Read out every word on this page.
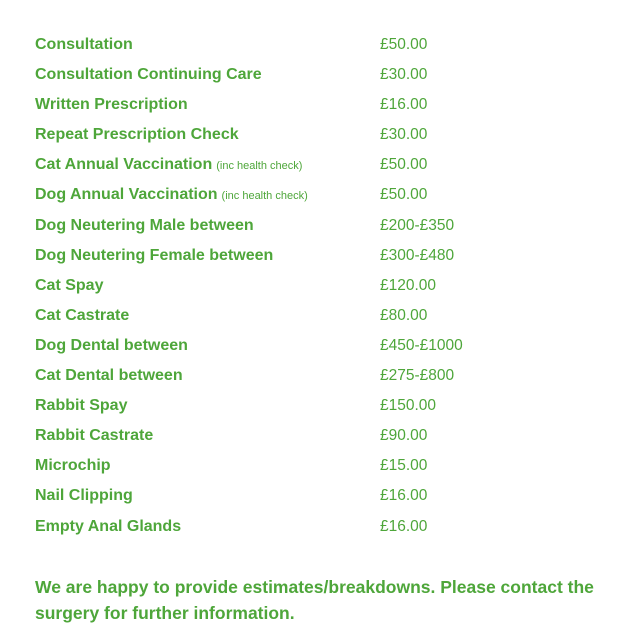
Consultation	£50.00
Consultation Continuing Care	£30.00
Written Prescription	£16.00
Repeat Prescription Check	£30.00
Cat Annual Vaccination (inc health check)	£50.00
Dog Annual Vaccination (inc health check)	£50.00
Dog Neutering Male between	£200-£350
Dog Neutering Female between	£300-£480
Cat Spay	£120.00
Cat Castrate	£80.00
Dog Dental between	£450-£1000
Cat Dental between	£275-£800
Rabbit Spay	£150.00
Rabbit Castrate	£90.00
Microchip	£15.00
Nail Clipping	£16.00
Empty Anal Glands	£16.00

We are happy to provide estimates/breakdowns. Please contact the surgery for further information.
